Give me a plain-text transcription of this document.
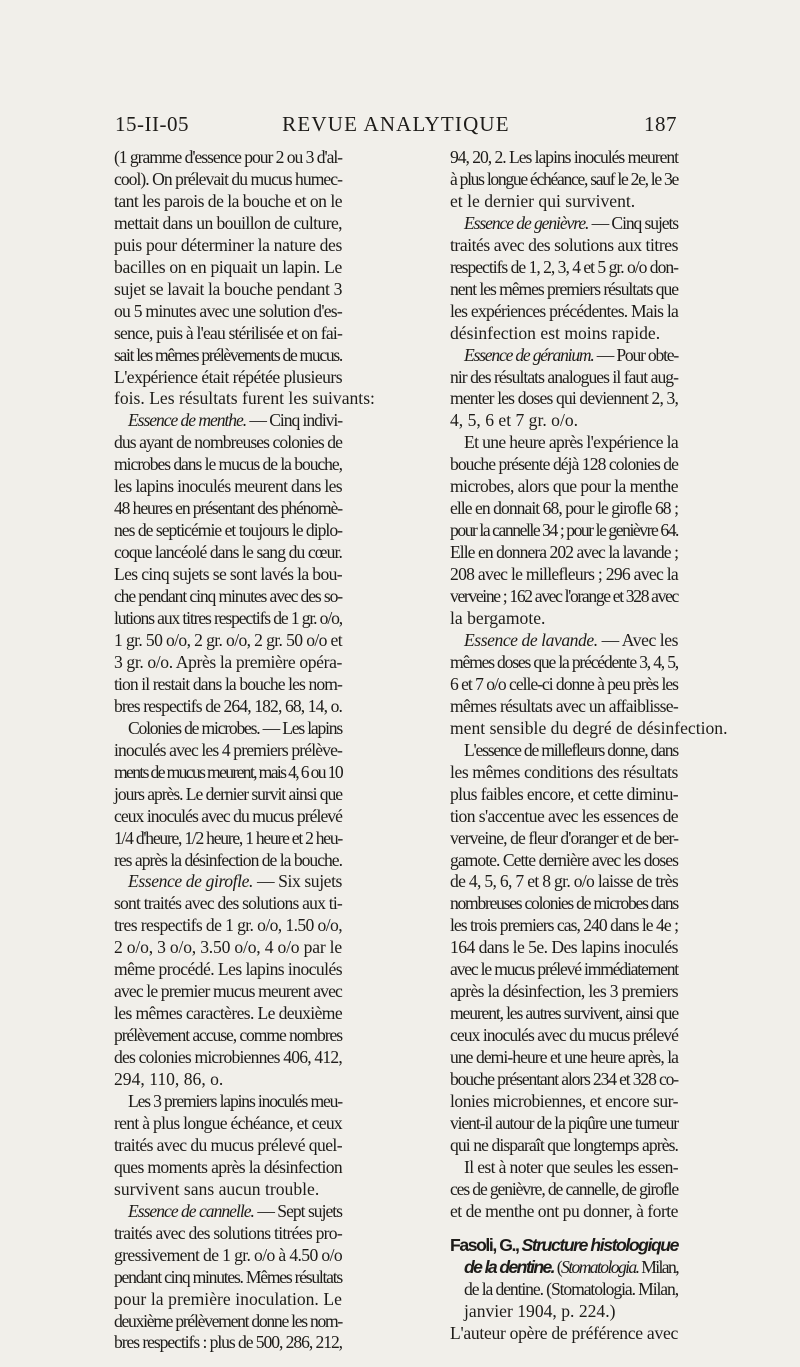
15-II-05	REVUE ANALYTIQUE	187
(1 gramme d'essence pour 2 ou 3 d'al-
cool). On prélevait du mucus humec-
tant les parois de la bouche et on le
mettait dans un bouillon de culture,
puis pour déterminer la nature des
bacilles on en piquait un lapin. Le
sujet se lavait la bouche pendant 3
ou 5 minutes avec une solution d'es-
sence, puis à l'eau stérilisée et on fai-
sait les mêmes prélèvements de mucus.
L'expérience était répétée plusieurs
fois. Les résultats furent les suivants:
Essence de menthe. — Cinq indivi-
dus ayant de nombreuses colonies de
microbes dans le mucus de la bouche,
les lapins inoculés meurent dans les
48 heures en présentant des phénomè-
nes de septicémie et toujours le diplo-
coque lancéolé dans le sang du cœur.
Les cinq sujets se sont lavés la bou-
che pendant cinq minutes avec des so-
lutions aux titres respectifs de 1 gr. o/o,
1 gr. 50 o/o, 2 gr. o/o, 2 gr. 50 o/o et
3 gr. o/o. Après la première opéra-
tion il restait dans la bouche les nom-
bres respectifs de 264, 182, 68, 14, o.
Colonies de microbes. — Les lapins
inoculés avec les 4 premiers prélève-
ments de mucus meurent, mais 4, 6 ou 10
jours après. Le dernier survit ainsi que
ceux inoculés avec du mucus prélevé
1/4 d'heure, 1/2 heure, 1 heure et 2 heu-
res après la désinfection de la bouche.
Essence de girofle. — Six sujets
sont traités avec des solutions aux ti-
tres respectifs de 1 gr. o/o, 1.50 o/o,
2 o/o, 3 o/o, 3.50 o/o, 4 o/o par le
même procédé. Les lapins inoculés
avec le premier mucus meurent avec
les mêmes caractères. Le deuxième
prélèvement accuse, comme nombres
des colonies microbiennes 406, 412,
294, 110, 86, o.
Les 3 premiers lapins inoculés meu-
rent à plus longue échéance, et ceux
traités avec du mucus prélevé quel-
ques moments après la désinfection
survivent sans aucun trouble.
Essence de cannelle. — Sept sujets
traités avec des solutions titrées pro-
gressivement de 1 gr. o/o à 4.50 o/o
pendant cinq minutes. Mêmes résultats
pour la première inoculation. Le
deuxième prélèvement donne les nom-
bres respectifs : plus de 500, 286, 212,
94, 20, 2. Les lapins inoculés meurent
à plus longue échéance, sauf le 2e, le 3e
et le dernier qui survivent.
Essence de genièvre. — Cinq sujets
traités avec des solutions aux titres
respectifs de 1, 2, 3, 4 et 5 gr. o/o don-
nent les mêmes premiers résultats que
les expériences précédentes. Mais la
désinfection est moins rapide.
Essence de géranium. — Pour obte-
nir des résultats analogues il faut aug-
menter les doses qui deviennent 2, 3,
4, 5, 6 et 7 gr. o/o.
Et une heure après l'expérience la
bouche présente déjà 128 colonies de
microbes, alors que pour la menthe
elle en donnait 68, pour le girofle 68 ;
pour la cannelle 34 ; pour le genièvre 64.
Elle en donnera 202 avec la lavande ;
208 avec le millefleurs ; 296 avec la
verveine ; 162 avec l'orange et 328 avec
la bergamote.
Essence de lavande. — Avec les
mêmes doses que la précédente 3, 4, 5,
6 et 7 o/o celle-ci donne à peu près les
mêmes résultats avec un affaiblisse-
ment sensible du degré de désinfection.
L'essence de millefleurs donne, dans
les mêmes conditions des résultats
plus faibles encore, et cette diminu-
tion s'accentue avec les essences de
verveine, de fleur d'oranger et de ber-
gamote. Cette dernière avec les doses
de 4, 5, 6, 7 et 8 gr. o/o laisse de très
nombreuses colonies de microbes dans
les trois premiers cas, 240 dans le 4e ;
164 dans le 5e. Des lapins inoculés
avec le mucus prélevé immédiatement
après la désinfection, les 3 premiers
meurent, les autres survivent, ainsi que
ceux inoculés avec du mucus prélevé
une demi-heure et une heure après, la
bouche présentant alors 234 et 328 co-
lonies microbiennes, et encore sur-
vient-il autour de la piqûre une tumeur
qui ne disparaît que longtemps après.
Il est à noter que seules les essen-
ces de genièvre, de cannelle, de girofle
et de menthe ont pu donner, à forte
Fasoli, G., Structure histologique
de la dentine. (Stomatologia. Milan,
de la dentine. (Stomatologia. Milan,
janvier 1904, p. 224.)
L'auteur opère de préférence avec
